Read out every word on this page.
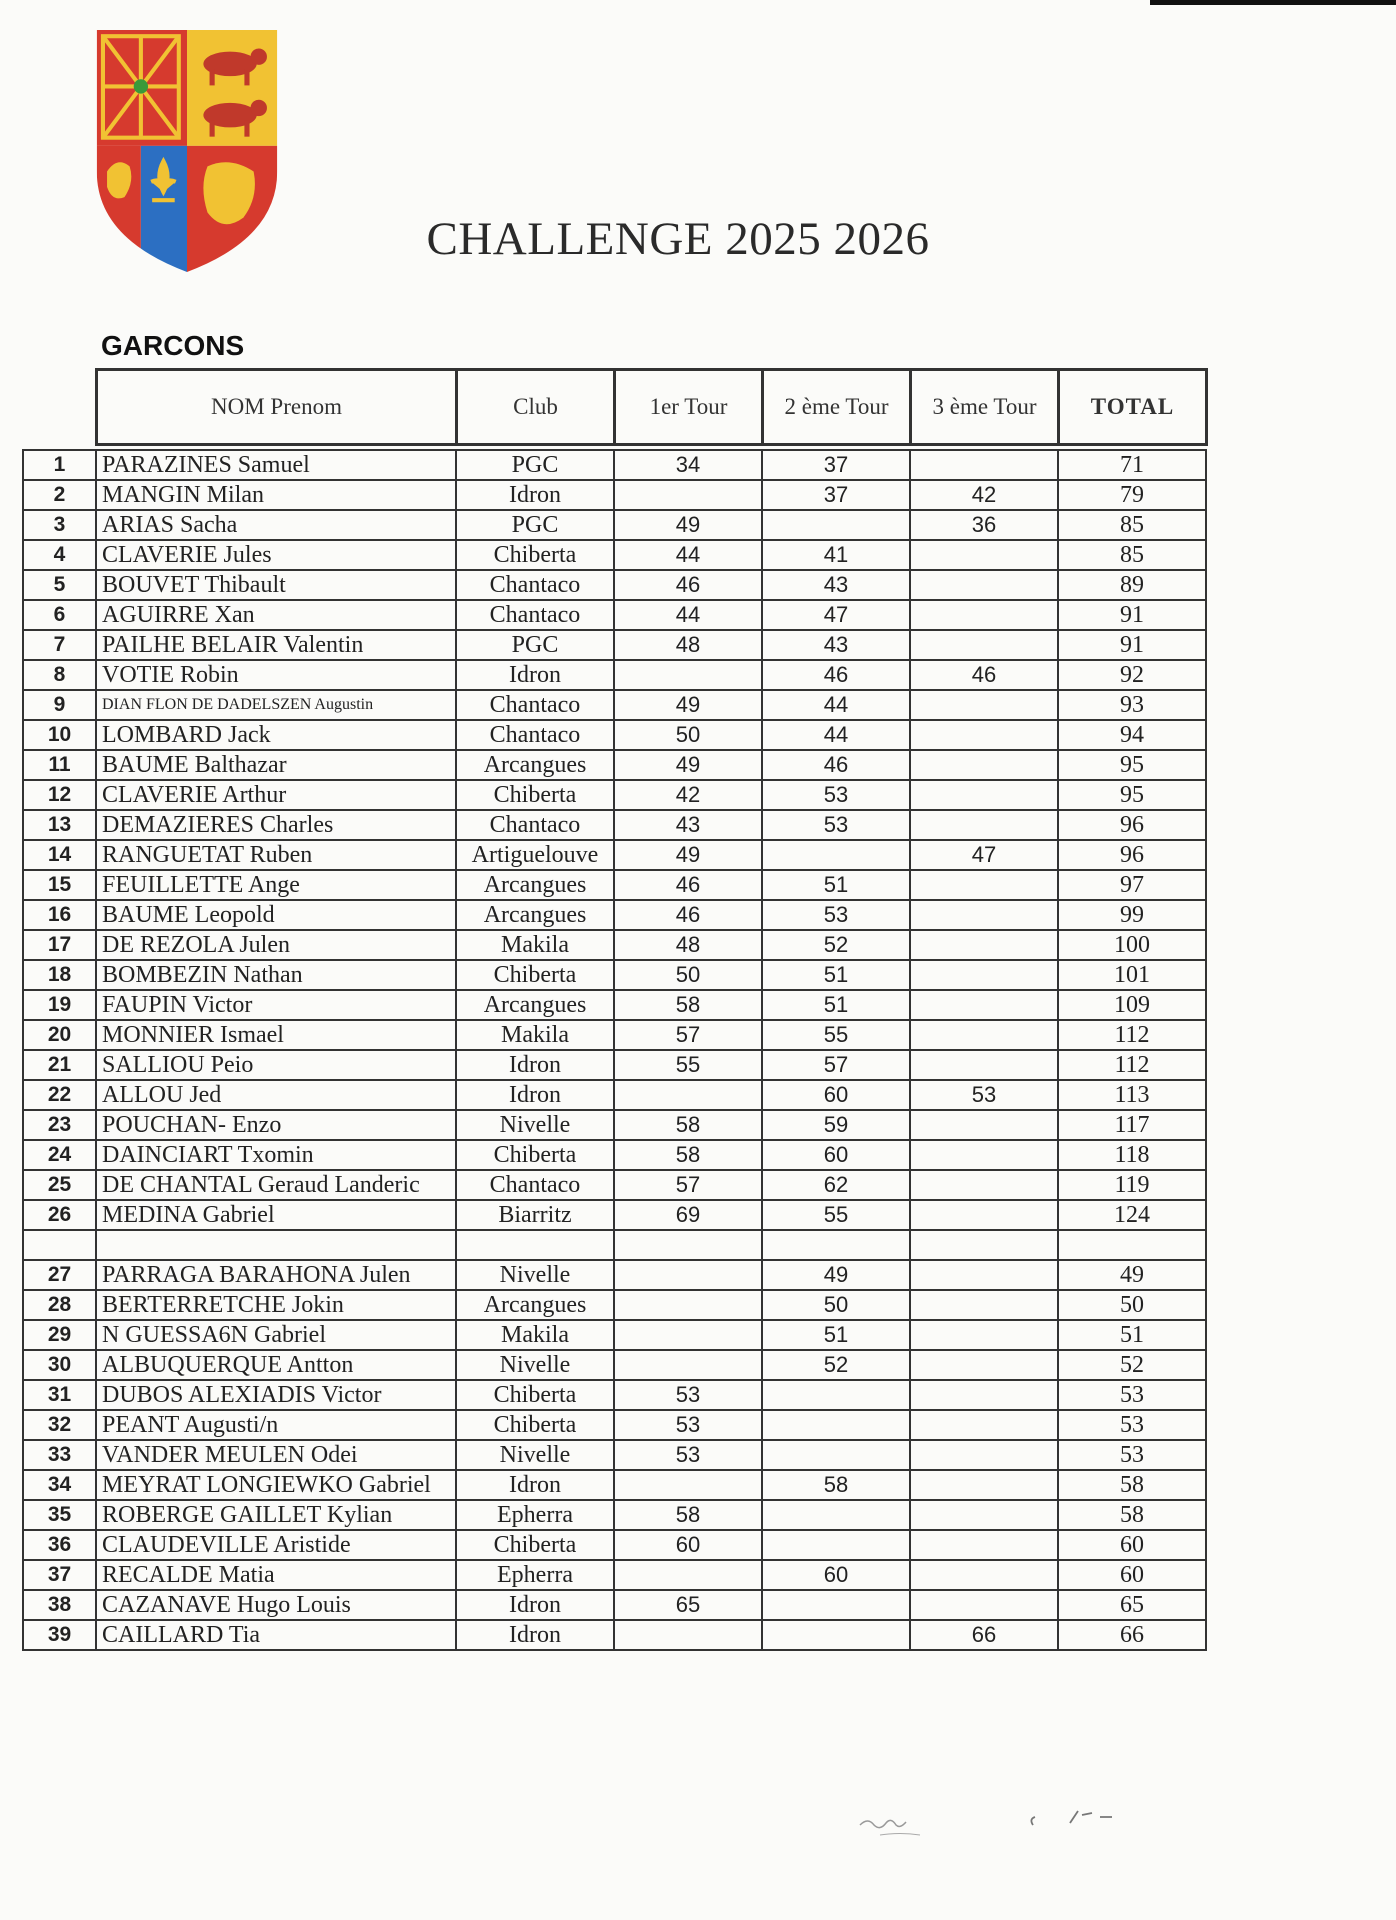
CHALLENGE 2025 2026
GARCONS
NOM Prenom	Club	1er Tour	2 ème Tour	3 ème Tour	TOTAL
1	PARAZINES Samuel	PGC	34	37		71
2	MANGIN Milan	Idron		37	42	79
3	ARIAS Sacha	PGC	49		36	85
4	CLAVERIE Jules	Chiberta	44	41		85
5	BOUVET Thibault	Chantaco	46	43		89
6	AGUIRRE Xan	Chantaco	44	47		91
7	PAILHE BELAIR Valentin	PGC	48	43		91
8	VOTIE Robin	Idron		46	46	92
9	DIAN FLON DE DADELSZEN Augustin	Chantaco	49	44		93
10	LOMBARD Jack	Chantaco	50	44		94
11	BAUME Balthazar	Arcangues	49	46		95
12	CLAVERIE Arthur	Chiberta	42	53		95
13	DEMAZIERES Charles	Chantaco	43	53		96
14	RANGUETAT Ruben	Artiguelouve	49		47	96
15	FEUILLETTE Ange	Arcangues	46	51		97
16	BAUME Leopold	Arcangues	46	53		99
17	DE REZOLA Julen	Makila	48	52		100
18	BOMBEZIN Nathan	Chiberta	50	51		101
19	FAUPIN Victor	Arcangues	58	51		109
20	MONNIER Ismael	Makila	57	55		112
21	SALLIOU Peio	Idron	55	57		112
22	ALLOU Jed	Idron		60	53	113
23	POUCHAN- Enzo	Nivelle	58	59		117
24	DAINCIART Txomin	Chiberta	58	60		118
25	DE CHANTAL Geraud Landeric	Chantaco	57	62		119
26	MEDINA Gabriel	Biarritz	69	55		124

27	PARRAGA BARAHONA Julen	Nivelle		49		49
28	BERTERRETCHE Jokin	Arcangues		50		50
29	N GUESSA6N Gabriel	Makila		51		51
30	ALBUQUERQUE Antton	Nivelle		52		52
31	DUBOS ALEXIADIS Victor	Chiberta	53			53
32	PEANT Augusti/n	Chiberta	53			53
33	VANDER MEULEN Odei	Nivelle	53			53
34	MEYRAT LONGIEWKO Gabriel	Idron		58		58
35	ROBERGE GAILLET Kylian	Epherra	58			58
36	CLAUDEVILLE Aristide	Chiberta	60			60
37	RECALDE Matia	Epherra		60		60
38	CAZANAVE Hugo Louis	Idron	65			65
39	CAILLARD Tia	Idron			66	66
